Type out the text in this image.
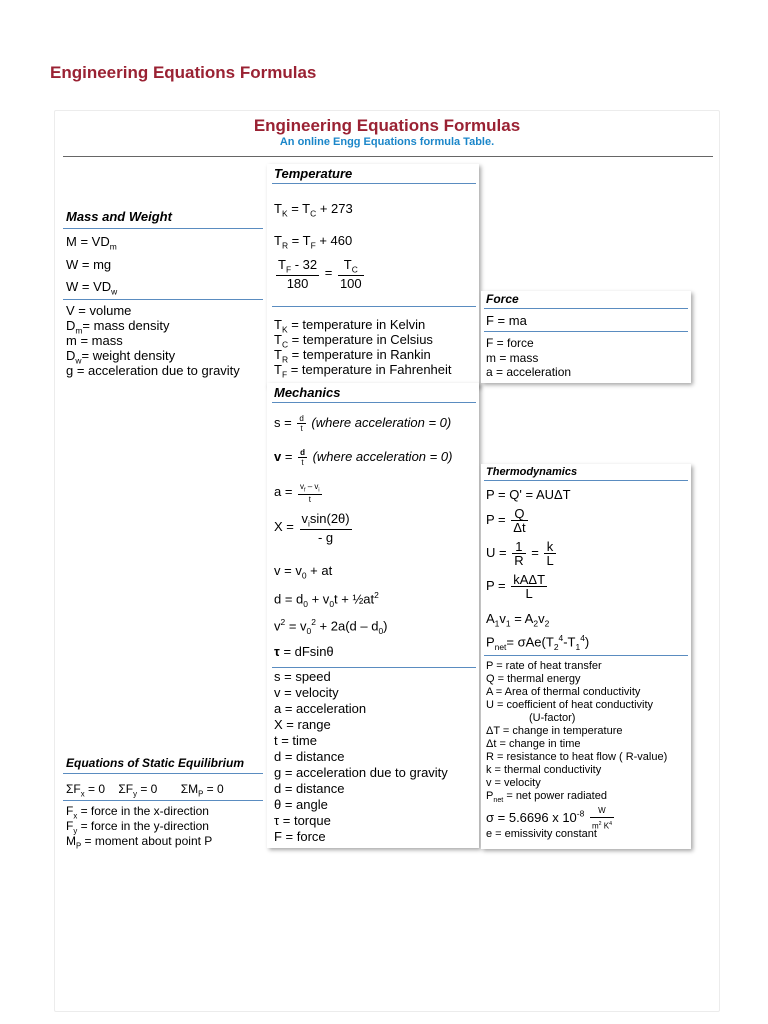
Engineering Equations Formulas
Engineering Equations Formulas
An online Engg Equations formula Table.
Mass and Weight
$M = VD_m$
W = mg
$W = VD_w$
V = volume
$D_m=$ mass density
m = mass
$D_w=$ weight density
g = acceleration due to gravity
Temperature
$T_K = T_C + 273$
$T_R = T_F + 460$
$\frac{T_F - 32}{180} = \frac{T_C}{100}$
$T_K$ = temperature in Kelvin
$T_C$ = temperature in Celsius
$T_R$ = temperature in Rankin
$T_F$ = temperature in Fahrenheit
Force
F = ma
F = force
m = mass
a = acceleration
Mechanics
$s = \frac{d}{t}$ (where acceleration = 0)
$v = \frac{d}{t}$ (where acceleration = 0)
$a = \frac{v_f - v_i}{t}$
$X = \frac{v_i\sin(2\theta)}{- g}$
$v = v_0$ + at
$d = d_0 + v_0t$ + $\frac{1}{2}at^2$
$v^2 = v_0^2 + 2a(d - d_0)$
τ = dFsinθ
s = speed
v = velocity
a = acceleration
X = range
t = time
d = distance
g = acceleration due to gravity
d = distance
θ = angle
τ = torque
F = force
Thermodynamics
P = Q' = AUΔT
$P = \frac{Q}{\Delta t}$
$U = \frac{1}{R} = \frac{k}{L}$
$P = \frac{\text{kAΔT}}{L}$
$A_1v_1 = A_2v_2$
$P_{net}= \sigma Ae(T_2^4-T_1^4)$
P = rate of heat transfer
Q = thermal energy
A = Area of thermal conductivity
U = coefficient of heat conductivity
(U-factor)
ΔT = change in temperature
Δt = change in time
R = resistance to heat flow ( R-value)
k = thermal conductivity
v = velocity
$P_{net}$ = net power radiated
σ = 5.6696 x $10^{-8} \frac{W}{m^2 K^4}$
e = emissivity constant
Equations of Static Equilibrium
$\Sigma F_x = 0$    $\Sigma F_y = 0$       $\Sigma M_P = 0$
$F_x$ = force in the x-direction
$F_y$ = force in the y-direction
$M_P$ = moment about point P
